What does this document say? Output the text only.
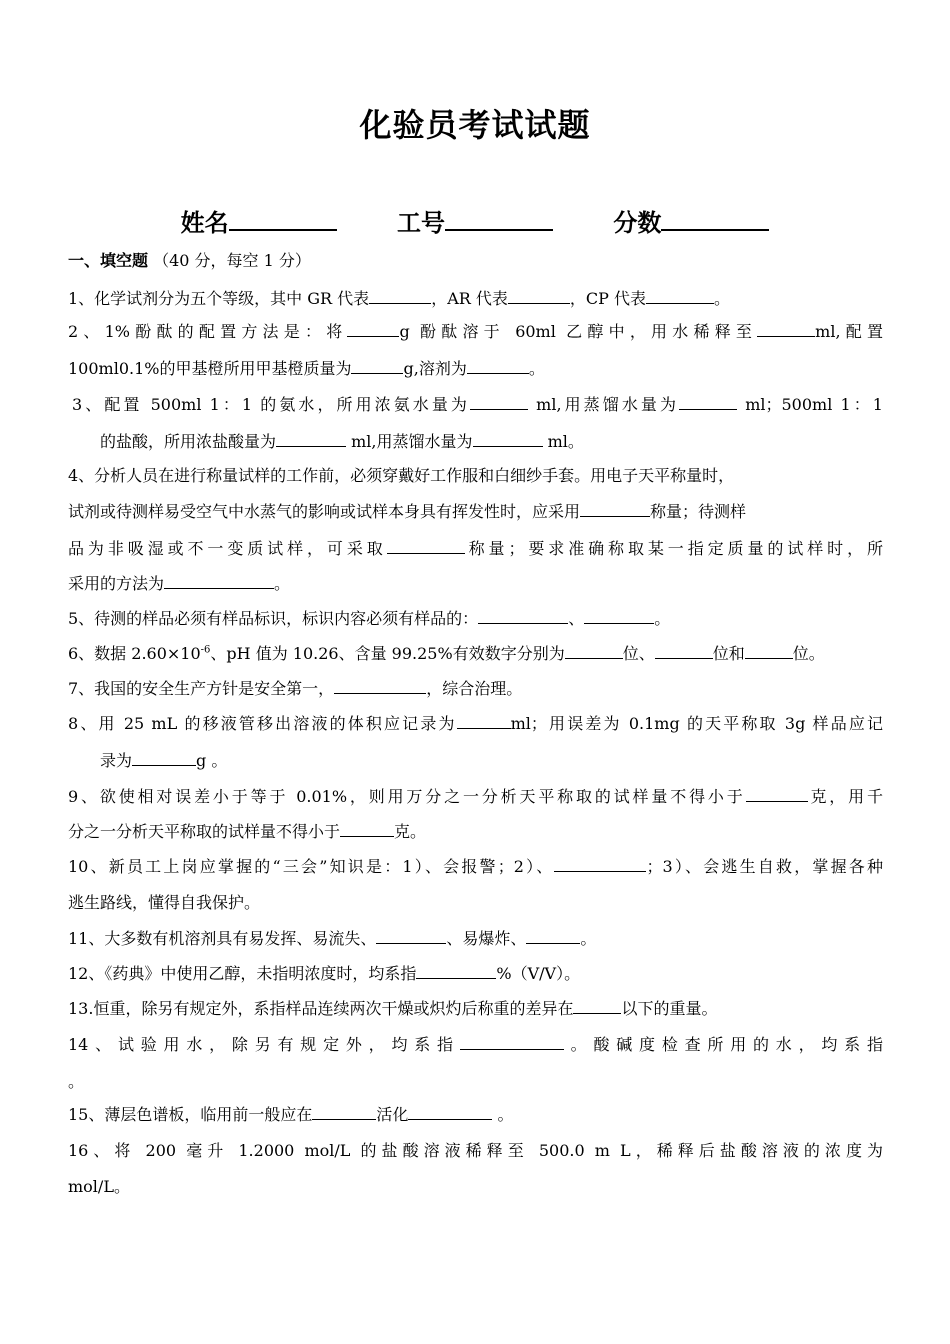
化验员考试试题
姓名	工号	分数
一、填空题 （40 分，每空 1 分）
1、化学试剂分为五个等级，其中 GR 代表	，AR 代表	，CP 代表	。
2、1%酚酞的配置方法是：将	g 酚酞溶于 60ml 乙醇中，用水稀释至	ml,配置
100ml0.1%的甲基橙所用甲基橙质量为	g,溶剂为	。
3、配置 500ml 1：1 的氨水，所用浓氨水量为	ml,用蒸馏水量为	ml；500ml 1：1
的盐酸，所用浓盐酸量为	ml,用蒸馏水量为	ml。
4、分析人员在进行称量试样的工作前，必须穿戴好工作服和白细纱手套。用电子天平称量时，
试剂或待测样易受空气中水蒸气的影响或试样本身具有挥发性时，应采用	称量；待测样
品为非吸湿或不一变质试样，可采取	称量；要求准确称取某一指定质量的试样时，所
采用的方法为	。
5、待测的样品必须有样品标识，标识内容必须有样品的：	、	。
6、数据 $2.60\times 10^{-6}$、pH 值为 10.26、含量 99.25%有效数字分别为	位、	位和	位。
7、我国的安全生产方针是安全第一，	，综合治理。
8、用 25 mL 的移液管移出溶液的体积应记录为	ml；用误差为 0.1mg 的天平称取 3g 样品应记
录为	g 。
9、欲使相对误差小于等于 0.01%，则用万分之一分析天平称取的试样量不得小于	克，用千
分之一分析天平称取的试样量不得小于	克。
10、新员工上岗应掌握的“三会”知识是：1）、会报警；2）、	；3）、会逃生自救，掌握各种
逃生路线，懂得自我保护。
11、大多数有机溶剂具有易发挥、易流失、	、易爆炸、	。
12、《药典》中使用乙醇，未指明浓度时，均系指	%（V/V）。
13.恒重，除另有规定外，系指样品连续两次干燥或炽灼后称重的差异在	以下的重量。
14、试验用水，除另有规定外，均系指	。酸碱度检查所用的水，均系指
。
15、薄层色谱板，临用前一般应在	活化	。
16、将 200 毫升 1.2000 mol/L 的盐酸溶液稀释至 500.0 m L，稀释后盐酸溶液的浓度为
mol/L。
